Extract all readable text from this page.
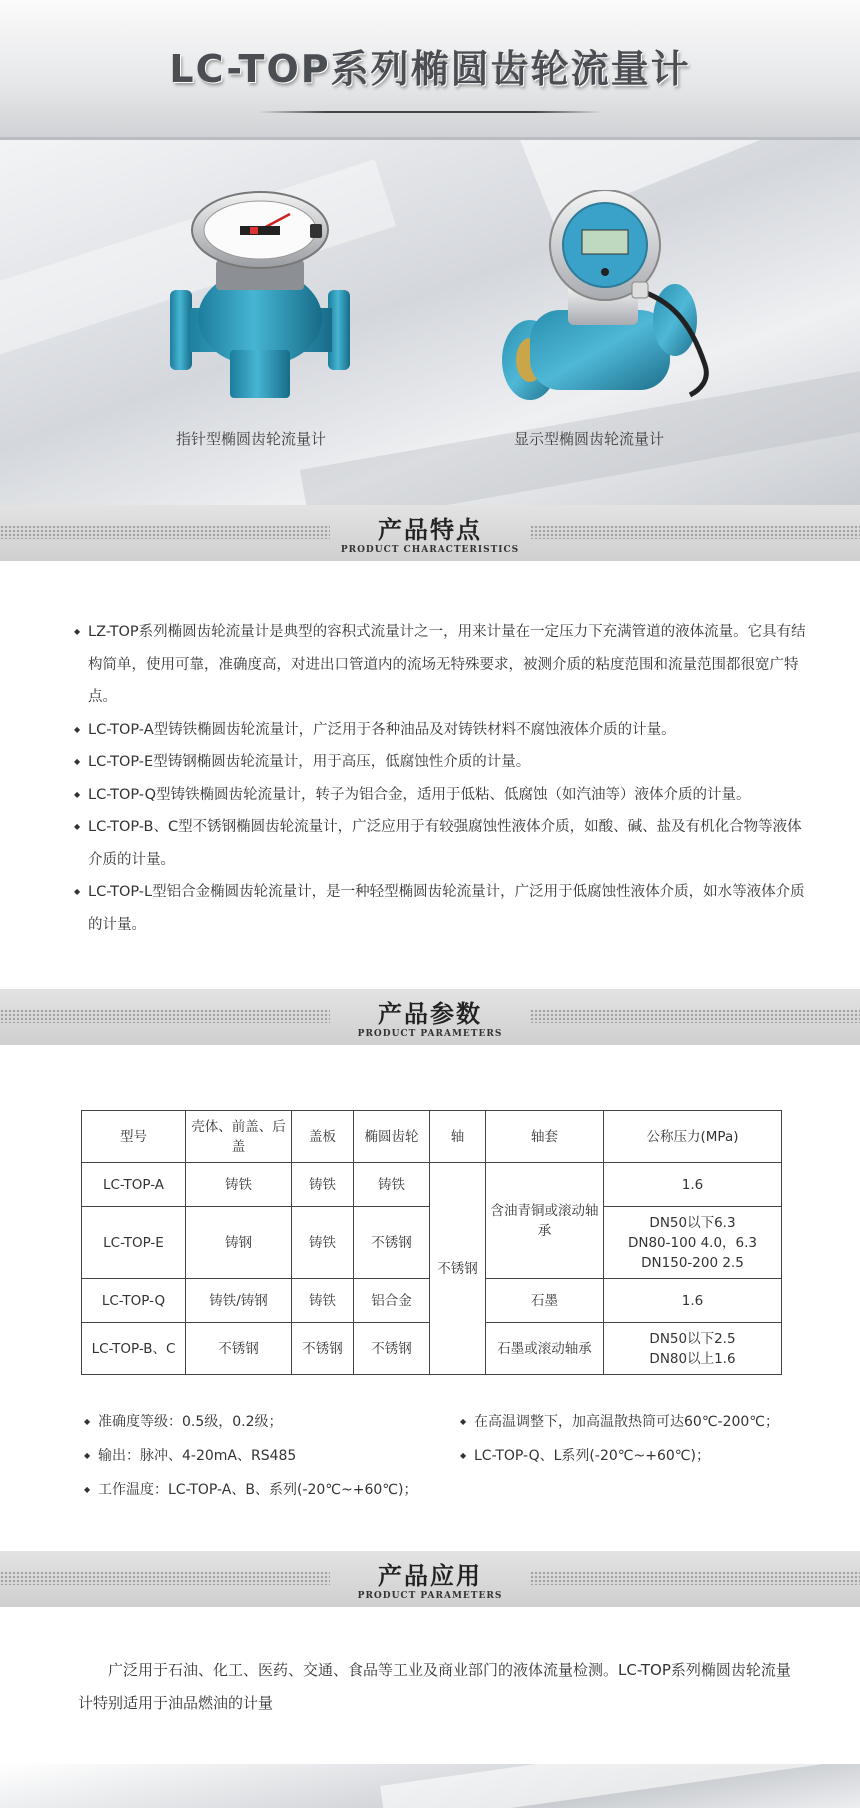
LC-TOP系列椭圆齿轮流量计
指针型椭圆齿轮流量计	显示型椭圆齿轮流量计
产品特点
PRODUCT CHARACTERISTICS
◆ LZ-TOP系列椭圆齿轮流量计是典型的容积式流量计之一，用来计量在一定压力下充满管道的液体流量。它具有结构简单，使用可靠，准确度高，对进出口管道内的流场无特殊要求，被测介质的粘度范围和流量范围都很宽广特点。
◆ LC-TOP-A型铸铁椭圆齿轮流量计，广泛用于各种油品及对铸铁材料不腐蚀液体介质的计量。
◆ LC-TOP-E型铸钢椭圆齿轮流量计，用于高压，低腐蚀性介质的计量。
◆ LC-TOP-Q型铸铁椭圆齿轮流量计，转子为铝合金，适用于低粘、低腐蚀（如汽油等）液体介质的计量。
◆ LC-TOP-B、C型不锈钢椭圆齿轮流量计，广泛应用于有较强腐蚀性液体介质，如酸、碱、盐及有机化合物等液体介质的计量。
◆ LC-TOP-L型铝合金椭圆齿轮流量计，是一种轻型椭圆齿轮流量计，广泛用于低腐蚀性液体介质，如水等液体介质的计量。
产品参数
PRODUCT PARAMETERS
型号	壳体、前盖、后盖	盖板	椭圆齿轮	轴	轴套	公称压力(MPa)
LC-TOP-A	铸铁	铸铁	铸铁	不锈钢	含油青铜或滚动轴承	1.6
LC-TOP-E	铸钢	铸铁	不锈钢			DN50以下6.3
DN80-100 4.0，6.3
DN150-200 2.5

LC-TOP-Q	铸铁/铸钢	铸铁	铝合金		石墨	1.6
LC-TOP-B、C	不锈钢	不锈钢	不锈钢		石墨或滚动轴承	DN50以下2.5
DN80以上1.6
◆ 准确度等级：0.5级，0.2级；
◆ 输出：脉冲、4-20mA、RS485
◆ 工作温度：LC-TOP-A、B、系列(-20℃~+60℃)；
◆ 在高温调整下，加高温散热筒可达60℃-200℃；
◆ LC-TOP-Q、L系列(-20℃~+60℃)；
产品应用
PRODUCT PARAMETERS

广泛用于石油、化工、医药、交通、食品等工业及商业部门的液体流量检测。LC-TOP系列椭圆齿轮流量计特别适用于油品燃油的计量
